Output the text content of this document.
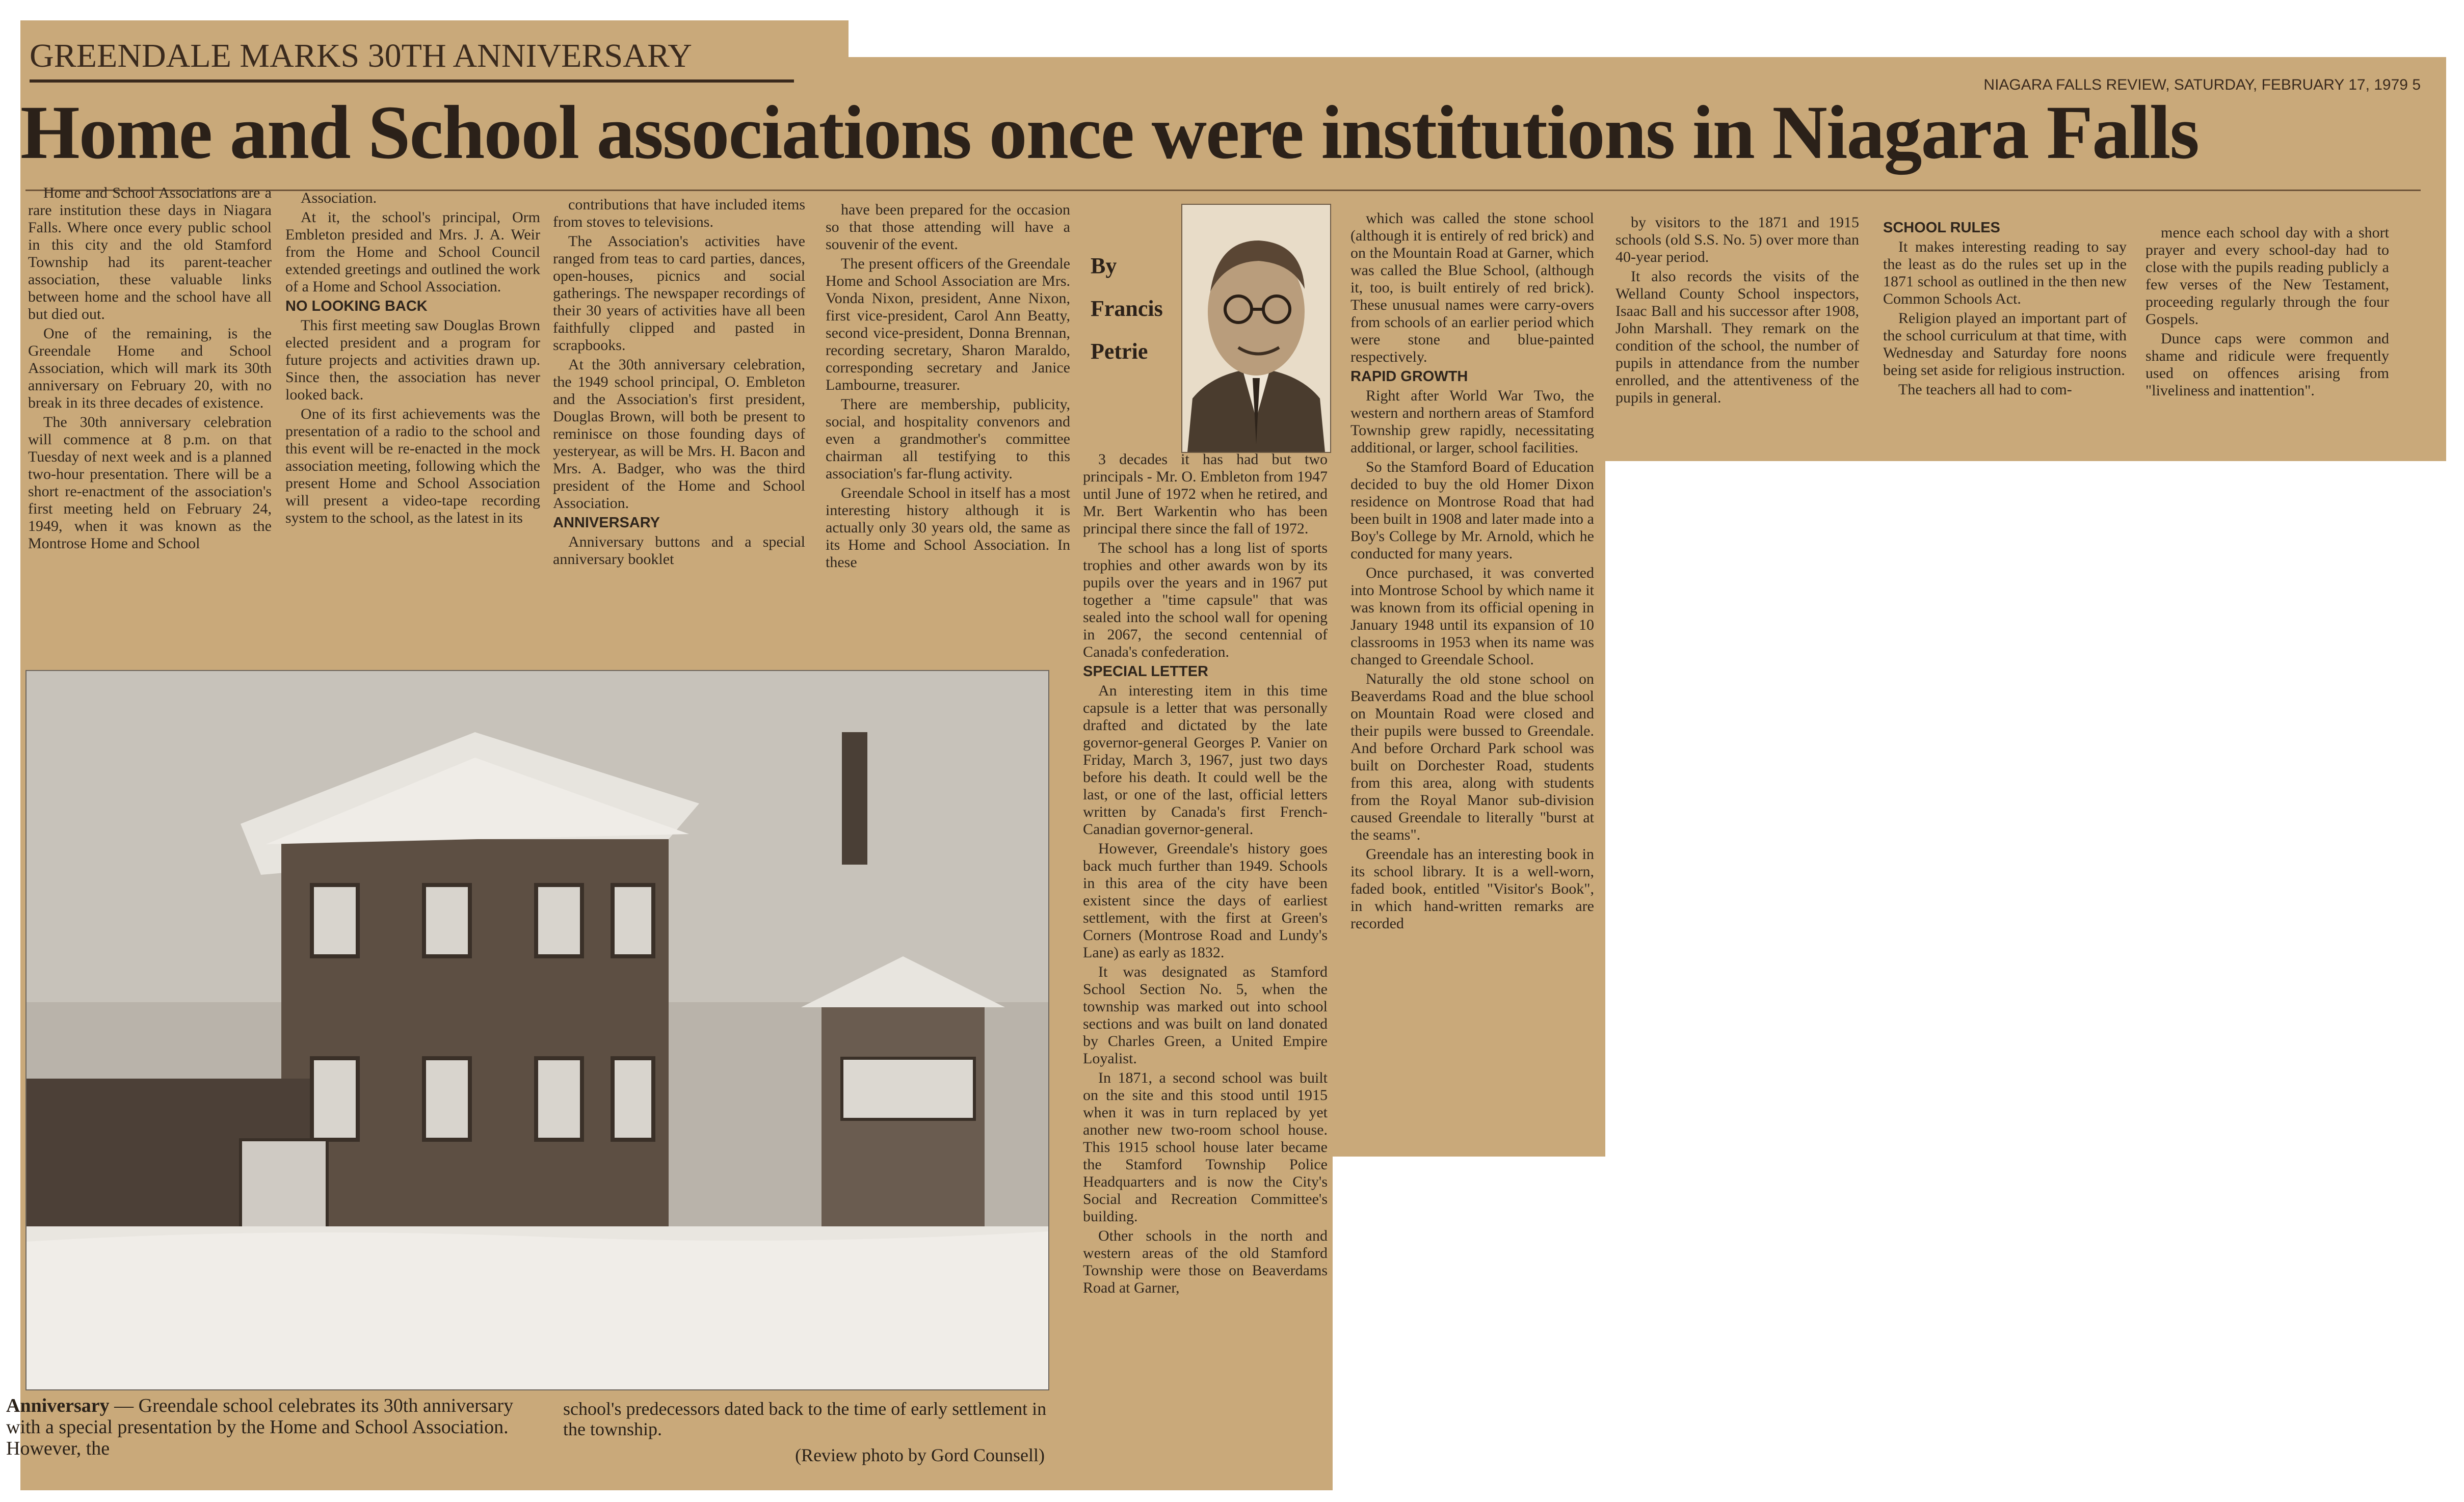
GREENDALE MARKS 30TH ANNIVERSARY
NIAGARA FALLS REVIEW, SATURDAY, FEBRUARY 17, 1979 5
Home and School associations once were institutions in Niagara Falls

Home and School Associations are a rare institution these days in Niagara Falls. Where once every public school in this city and the old Stamford Township had its parent-teacher association, these valuable links between home and the school have all but died out.

One of the remaining, is the Greendale Home and School Association, which will mark its 30th anniversary on February 20, with no break in its three decades of existence.

The 30th anniversary celebration will commence at 8 p.m. on that Tuesday of next week and is a planned two-hour presentation. There will be a short re-enactment of the association's first meeting held on February 24, 1949, when it was known as the Montrose Home and School

Association.

At it, the school's principal, Orm Embleton presided and Mrs. J. A. Weir from the Home and School Council extended greetings and outlined the work of a Home and School Association.

NO LOOKING BACK

This first meeting saw Douglas Brown elected president and a program for future projects and activities drawn up. Since then, the association has never looked back.

One of its first achievements was the presentation of a radio to the school and this event will be re-enacted in the mock association meeting, following which the present Home and School Association will present a video-tape recording system to the school, as the latest in its

contributions that have included items from stoves to televisions.

The Association's activities have ranged from teas to card parties, dances, open-houses, picnics and social gatherings. The newspaper recordings of their 30 years of activities have all been faithfully clipped and pasted in scrapbooks.

At the 30th anniversary celebration, the 1949 school principal, O. Embleton and the Association's first president, Douglas Brown, will both be present to reminisce on those founding days of yesteryear, as will be Mrs. H. Bacon and Mrs. A. Badger, who was the third president of the Home and School Association.

ANNIVERSARY

Anniversary buttons and a special anniversary booklet

have been prepared for the occasion so that those attending will have a souvenir of the event.

The present officers of the Greendale Home and School Association are Mrs. Vonda Nixon, president, Anne Nixon, first vice-president, Carol Ann Beatty, second vice-president, Donna Brennan, recording secretary, Sharon Maraldo, corresponding secretary and Janice Lambourne, treasurer.

There are membership, publicity, social, and hospitality convenors and even a grandmother's committee chairman all testifying to this association's far-flung activity.

Greendale School in itself has a most interesting history although it is actually only 30 years old, the same as its Home and School Association. In these

By
Francis
Petrie

3 decades it has had but two principals - Mr. O. Embleton from 1947 until June of 1972 when he retired, and Mr. Bert Warkentin who has been principal there since the fall of 1972.

The school has a long list of sports trophies and other awards won by its pupils over the years and in 1967 put together a "time capsule" that was sealed into the school wall for opening in 2067, the second centennial of Canada's confederation.

SPECIAL LETTER

An interesting item in this time capsule is a letter that was personally drafted and dictated by the late governor-general Georges P. Vanier on Friday, March 3, 1967, just two days before his death. It could well be the last, or one of the last, official letters written by Canada's first French-Canadian governor-general.

However, Greendale's history goes back much further than 1949. Schools in this area of the city have been existent since the days of earliest settlement, with the first at Green's Corners (Montrose Road and Lundy's Lane) as early as 1832.

It was designated as Stamford School Section No. 5, when the township was marked out into school sections and was built on land donated by Charles Green, a United Empire Loyalist.

In 1871, a second school was built on the site and this stood until 1915 when it was in turn replaced by yet another new two-room school house. This 1915 school house later became the Stamford Township Police Headquarters and is now the City's Social and Recreation Committee's building.

Other schools in the north and western areas of the old Stamford Township were those on Beaverdams Road at Garner,

which was called the stone school (although it is entirely of red brick) and on the Mountain Road at Garner, which was called the Blue School, (although it, too, is built entirely of red brick). These unusual names were carry-overs from schools of an earlier period which were stone and blue-painted respectively.

RAPID GROWTH

Right after World War Two, the western and northern areas of Stamford Township grew rapidly, necessitating additional, or larger, school facilities.

So the Stamford Board of Education decided to buy the old Homer Dixon residence on Montrose Road that had been built in 1908 and later made into a Boy's College by Mr. Arnold, which he conducted for many years.

Once purchased, it was converted into Montrose School by which name it was known from its official opening in January 1948 until its expansion of 10 classrooms in 1953 when its name was changed to Greendale School.

Naturally the old stone school on Beaverdams Road and the blue school on Mountain Road were closed and their pupils were bussed to Greendale. And before Orchard Park school was built on Dorchester Road, students from this area, along with students from the Royal Manor sub-division caused Greendale to literally "burst at the seams".

Greendale has an interesting book in its school library. It is a well-worn, faded book, entitled "Visitor's Book", in which hand-written remarks are recorded

by visitors to the 1871 and 1915 schools (old S.S. No. 5) over more than 40-year period.

It also records the visits of the Welland County School inspectors, Isaac Ball and his successor after 1908, John Marshall. They remark on the condition of the school, the number of pupils in attendance from the number enrolled, and the attentiveness of the pupils in general.

SCHOOL RULES

It makes interesting reading to say the least as do the rules set up in the 1871 school as outlined in the then new Common Schools Act.

Religion played an important part of the school curriculum at that time, with Wednesday and Saturday fore noons being set aside for religious instruction.

The teachers all had to com-

mence each school day with a short prayer and every school-day had to close with the pupils reading publicly a few verses of the New Testament, proceeding regularly through the four Gospels.

Dunce caps were common and shame and ridicule were frequently used on offences arising from "liveliness and inattention".

Anniversary — Greendale school celebrates its 30th anniversary with a special presentation by the Home and School Association. However, the
school's predecessors dated back to the time of early settlement in the township.
(Review photo by Gord Counsell)
